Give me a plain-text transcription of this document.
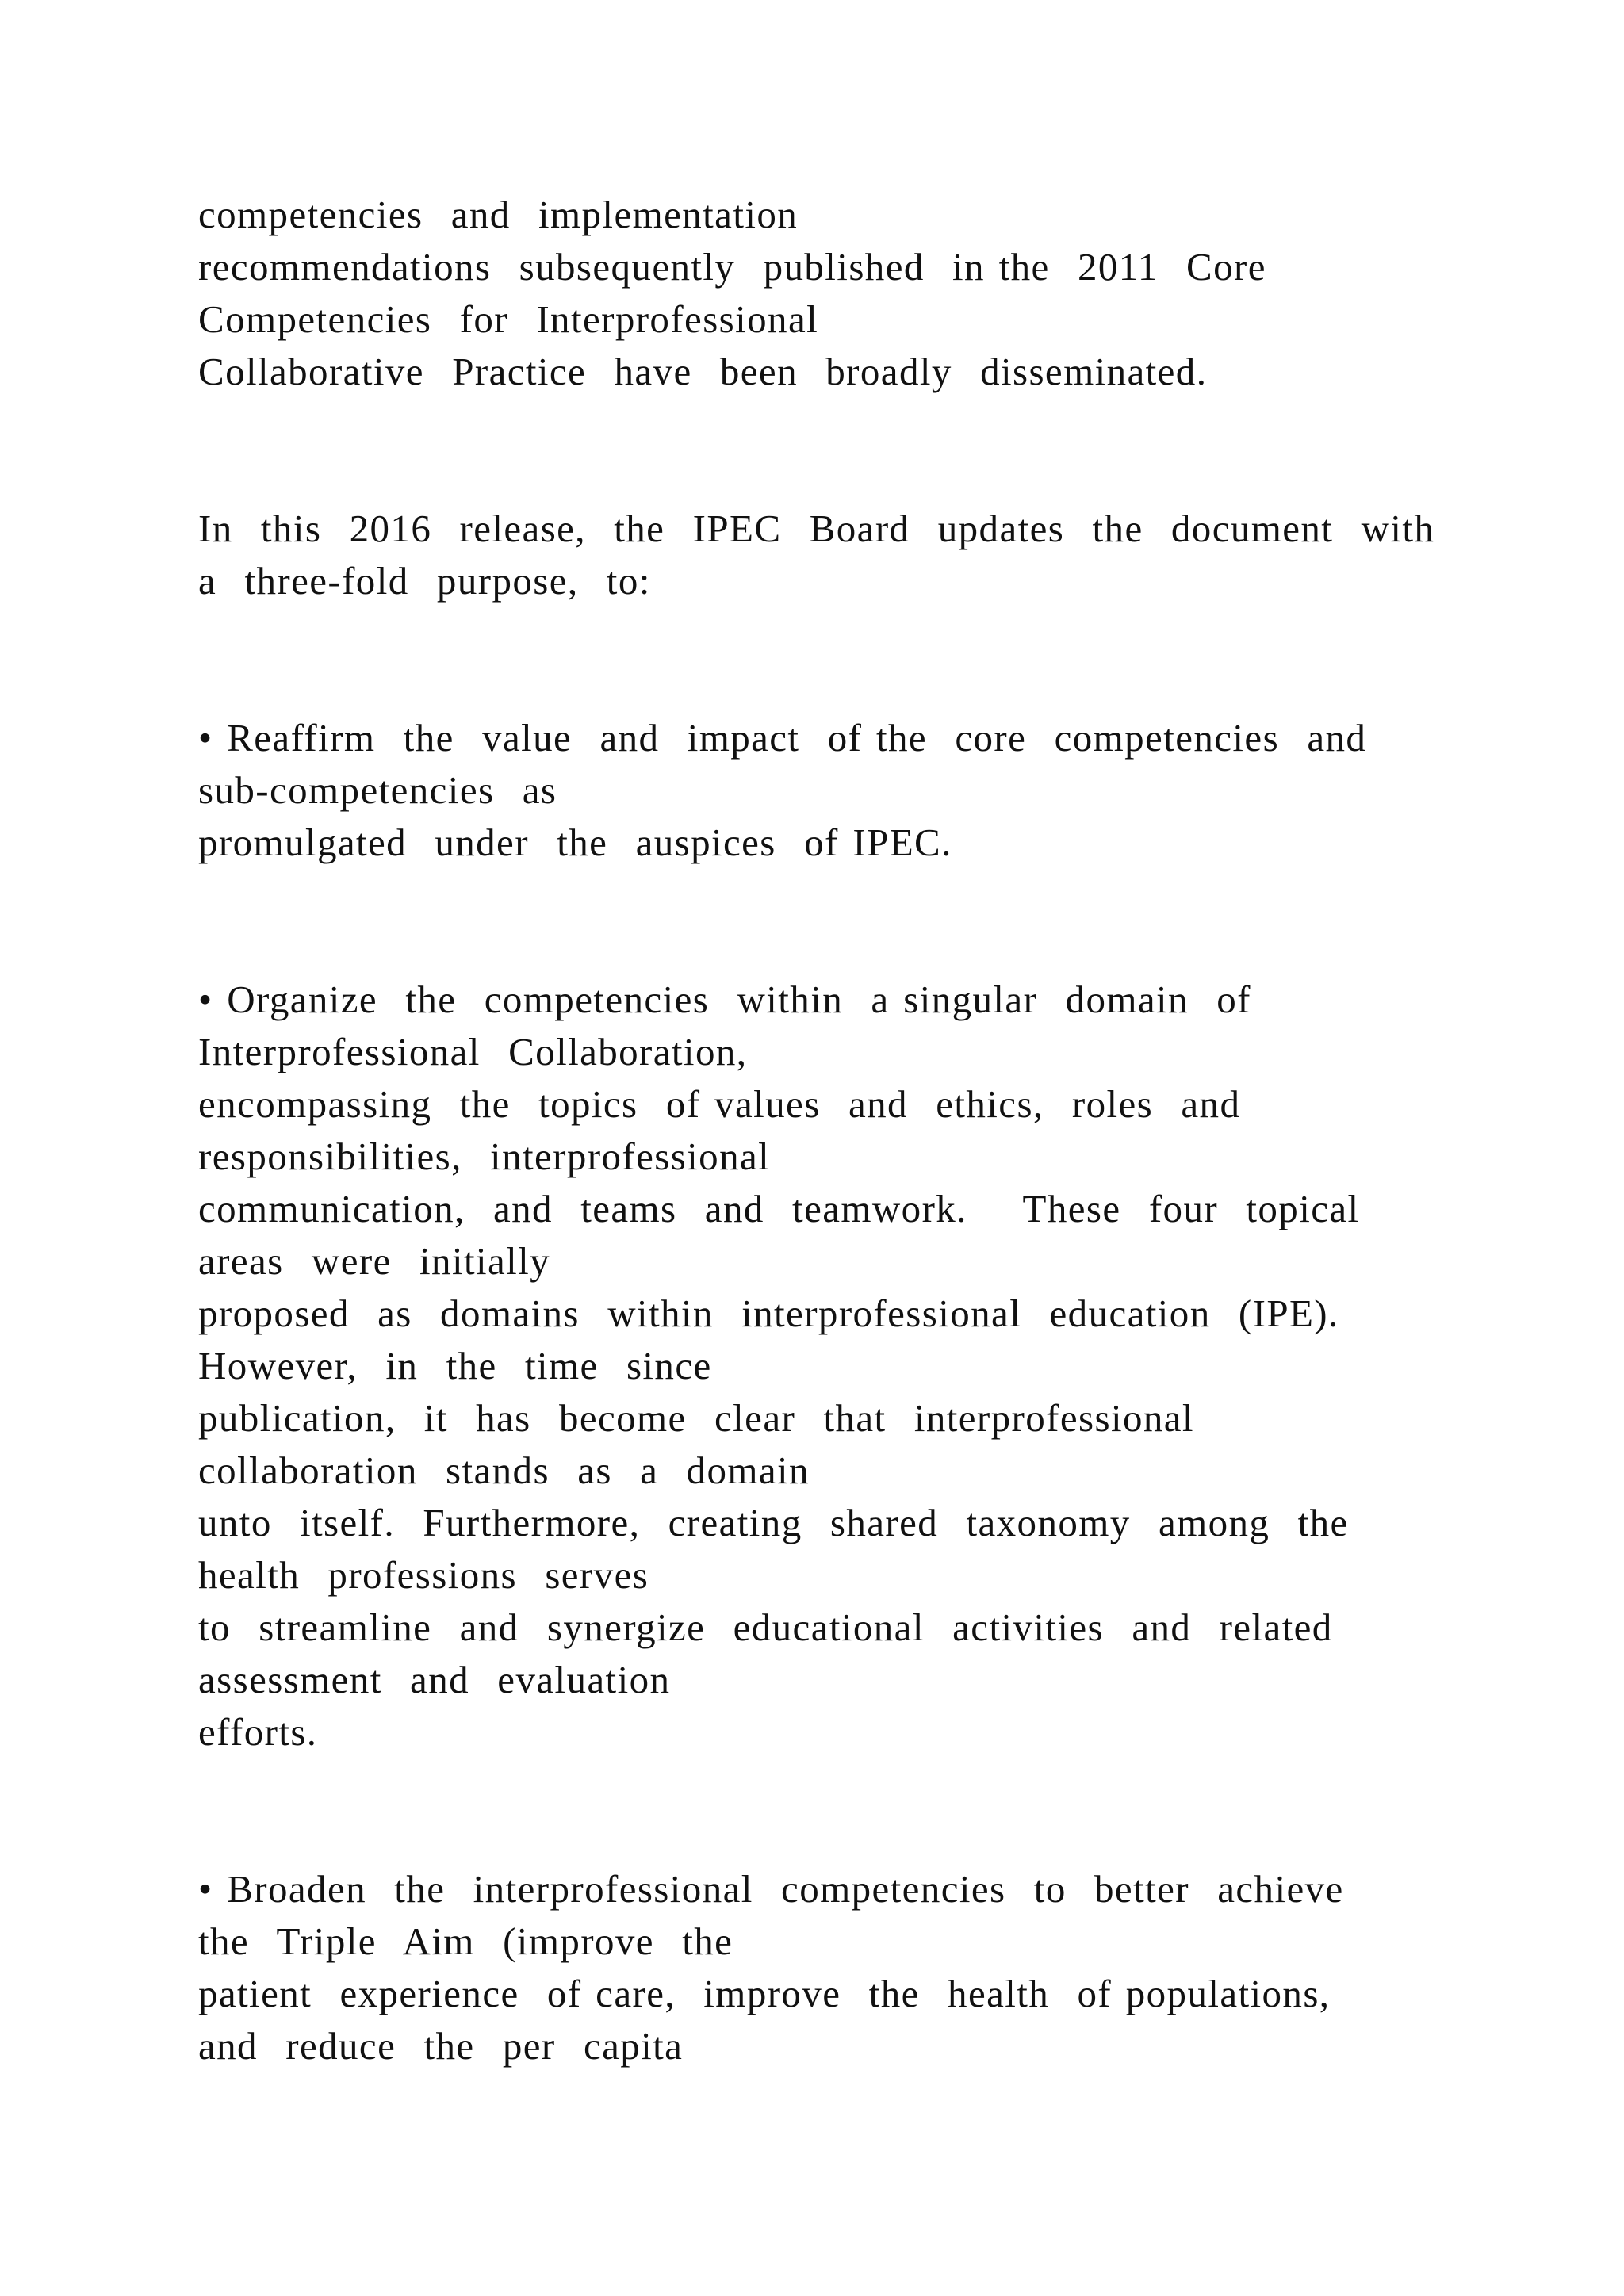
competencies  and  implementation
recommendations  subsequently  published  in the  2011  Core
Competencies  for  Interprofessional
Collaborative  Practice  have  been  broadly  disseminated.

In  this  2016  release,  the  IPEC  Board  updates  the  document  with
a  three-fold  purpose,  to:

• Reaffirm  the  value  and  impact  of the  core  competencies  and
sub-competencies  as
promulgated  under  the  auspices  of IPEC.

• Organize  the  competencies  within  a singular  domain  of
Interprofessional  Collaboration,
encompassing  the  topics  of values  and  ethics,  roles  and
responsibilities,  interprofessional
communication,  and  teams  and  teamwork.    These  four  topical
areas  were  initially
proposed  as  domains  within  interprofessional  education  (IPE).
However,  in  the  time  since
publication,  it  has  become  clear  that  interprofessional
collaboration  stands  as  a  domain
unto  itself.  Furthermore,  creating  shared  taxonomy  among  the
health  professions  serves
to  streamline  and  synergize  educational  activities  and  related
assessment  and  evaluation
efforts.

• Broaden  the  interprofessional  competencies  to  better  achieve
the  Triple  Aim  (improve  the
patient  experience  of care,  improve  the  health  of populations,
and  reduce  the  per  capita
